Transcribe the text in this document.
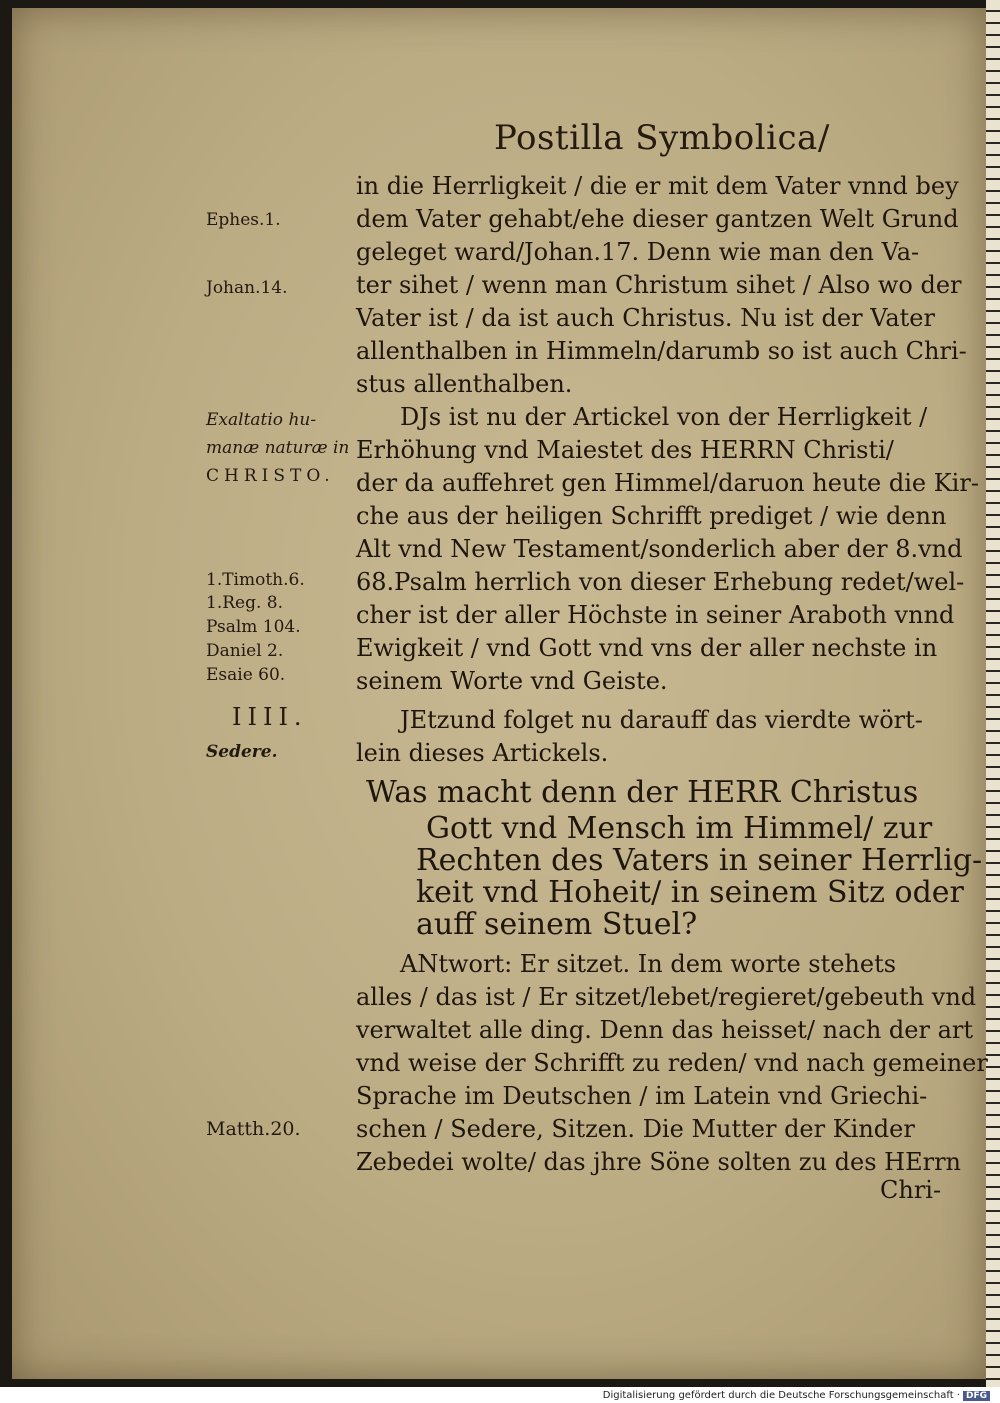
Postilla Symbolica/
in die Herrligkeit / die er mit dem Vater vnnd bey
dem Vater gehabt/ehe dieser gantzen Welt Grund
geleget ward/Johan.17. Denn wie man den Va-
ter sihet / wenn man Christum sihet / Also wo der
Vater ist / da ist auch Christus. Nu ist der Vater
allenthalben in Himmeln/darumb so ist auch Chri-
stus allenthalben.
DJs ist nu der Artickel von der Herrligkeit /
Erhöhung vnd Maiestet des HERRN Christi/
der da auffehret gen Himmel/daruon heute die Kir-
che aus der heiligen Schrifft prediget / wie denn
Alt vnd New Testament/sonderlich aber der 8.vnd
68.Psalm herrlich von dieser Erhebung redet/wel-
cher ist der aller Höchste in seiner Araboth vnnd
Ewigkeit / vnd Gott vnd vns der aller nechste in
seinem Worte vnd Geiste.
JEtzund folget nu darauff das vierdte wört-
lein dieses Artickels.
Was macht denn der HERR Christus
Gott vnd Mensch im Himmel/ zur
Rechten des Vaters in seiner Herrlig-
keit vnd Hoheit/ in seinem Sitz oder
auff seinem Stuel?
ANtwort: Er sitzet. In dem worte stehets
alles / das ist / Er sitzet/lebet/regieret/gebeuth vnd
verwaltet alle ding. Denn das heisset/ nach der art
vnd weise der Schrifft zu reden/ vnd nach gemeiner
Sprache im Deutschen / im Latein vnd Griechi-
schen / Sedere, Sitzen. Die Mutter der Kinder
Zebedei wolte/ das jhre Söne solten zu des HErrn
Chri-
Ephes.1.
Johan.14.
Exaltatio hu-
manæ naturæ in
CHRISTO.
1.Timoth.6.
1.Reg. 8.
Psalm 104.
Daniel 2.
Esaie 60.
IIII.
Sedere.
Matth.20.
Digitalisierung gefördert durch die Deutsche Forschungsgemeinschaft · DFG
